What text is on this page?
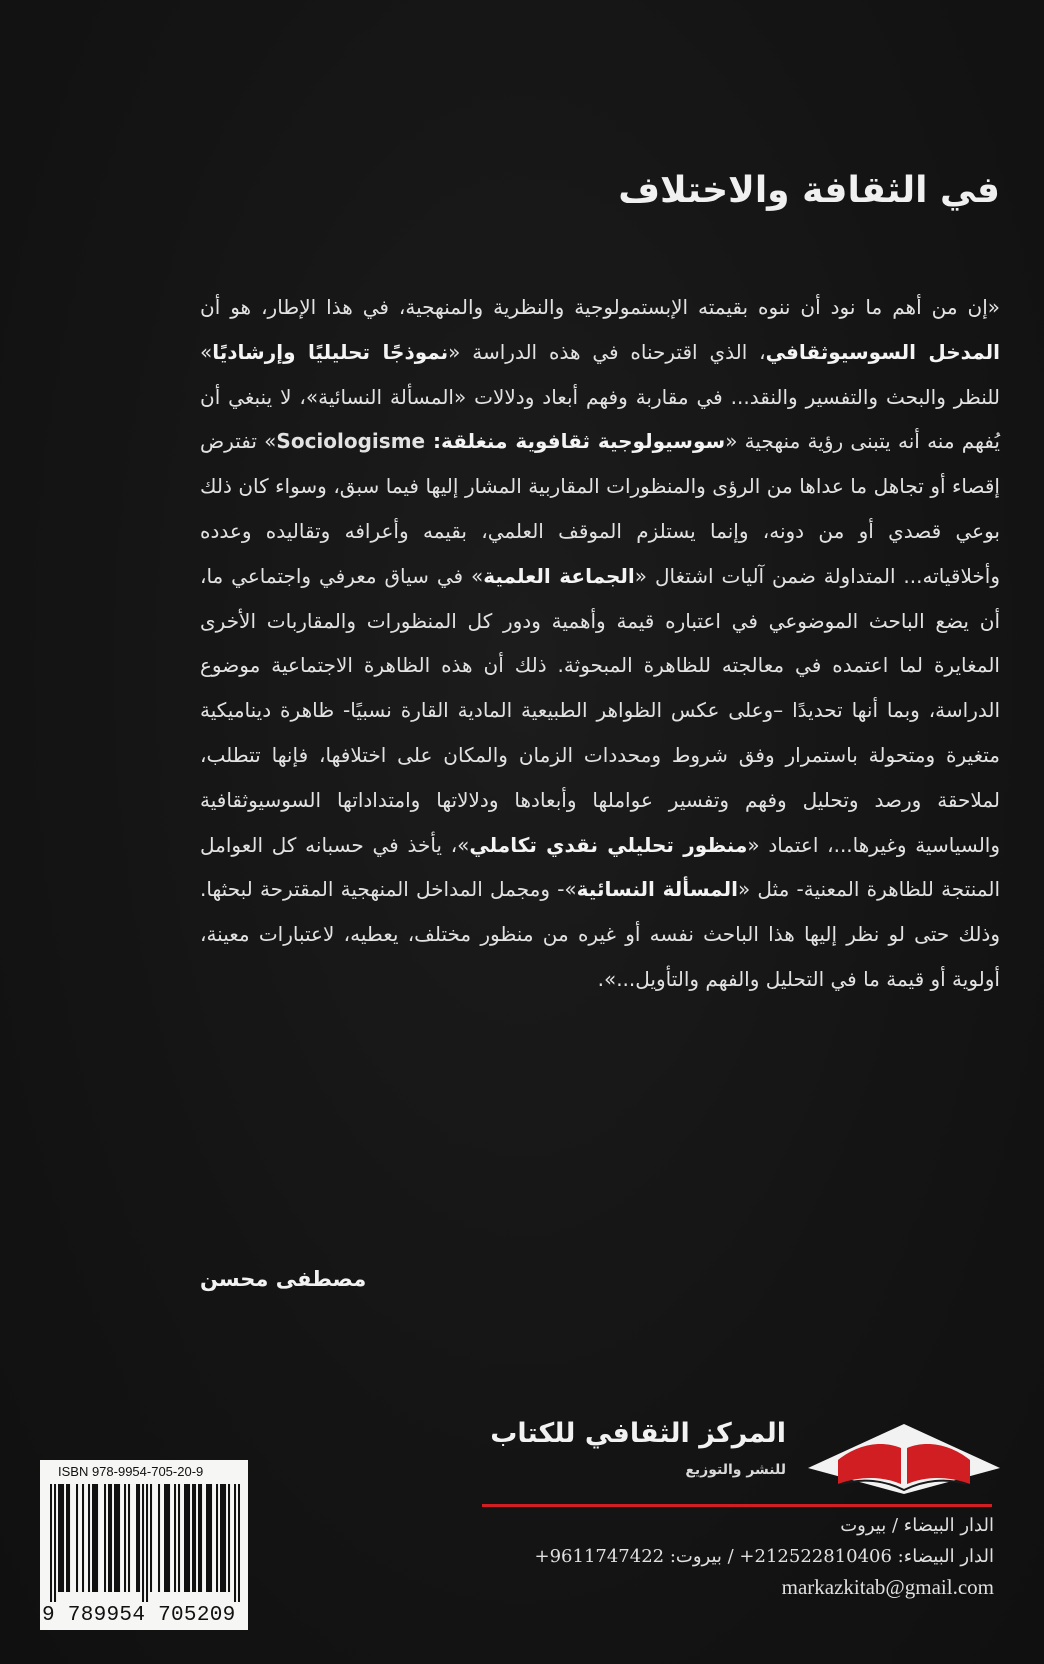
في الثقافة والاختلاف

«إن من أهم ما نود أن ننوه بقيمته الإبستمولوجية والنظرية والمنهجية، في هذا الإطار، هو أن المدخل السوسيوثقافي، الذي اقترحناه في هذه الدراسة «نموذجًا تحليليًا وإرشاديًا» للنظر والبحث والتفسير والنقد... في مقاربة وفهم أبعاد ودلالات «المسألة النسائية»، لا ينبغي أن يُفهم منه أنه يتبنى رؤية منهجية «سوسيولوجية ثقافوية منغلقة: Sociologisme» تفترض إقصاء أو تجاهل ما عداها من الرؤى والمنظورات المقاربية المشار إليها فيما سبق، وسواء كان ذلك بوعي قصدي أو من دونه، وإنما يستلزم الموقف العلمي، بقيمه وأعرافه وتقاليده وعدده وأخلاقياته... المتداولة ضمن آليات اشتغال «الجماعة العلمية» في سياق معرفي واجتماعي ما، أن يضع الباحث الموضوعي في اعتباره قيمة وأهمية ودور كل المنظورات والمقاربات الأخرى المغايرة لما اعتمده في معالجته للظاهرة المبحوثة. ذلك أن هذه الظاهرة الاجتماعية موضوع الدراسة، وبما أنها تحديدًا –وعلى عكس الظواهر الطبيعية المادية القارة نسبيًا- ظاهرة ديناميكية متغيرة ومتحولة باستمرار وفق شروط ومحددات الزمان والمكان على اختلافها، فإنها تتطلب، لملاحقة ورصد وتحليل وفهم وتفسير عواملها وأبعادها ودلالاتها وامتداداتها السوسيوثقافية والسياسية وغيرها...، اعتماد «منظور تحليلي نقدي تكاملي»، يأخذ في حسبانه كل العوامل المنتجة للظاهرة المعنية- مثل «المسألة النسائية»- ومجمل المداخل المنهجية المقترحة لبحثها. وذلك حتى لو نظر إليها هذا الباحث نفسه أو غيره من منظور مختلف، يعطيه، لاعتبارات معينة، أولوية أو قيمة ما في التحليل والفهم والتأويل...».

مصطفى محسن
المركز الثقافي للكتاب
للنشر والتوزيع
الدار البيضاء / بيروت
الدار البيضاء: 212522810406+ / بيروت: 9611747422+
markazkitab@gmail.com
ISBN 978-9954-705-20-9
9 789954 705209
